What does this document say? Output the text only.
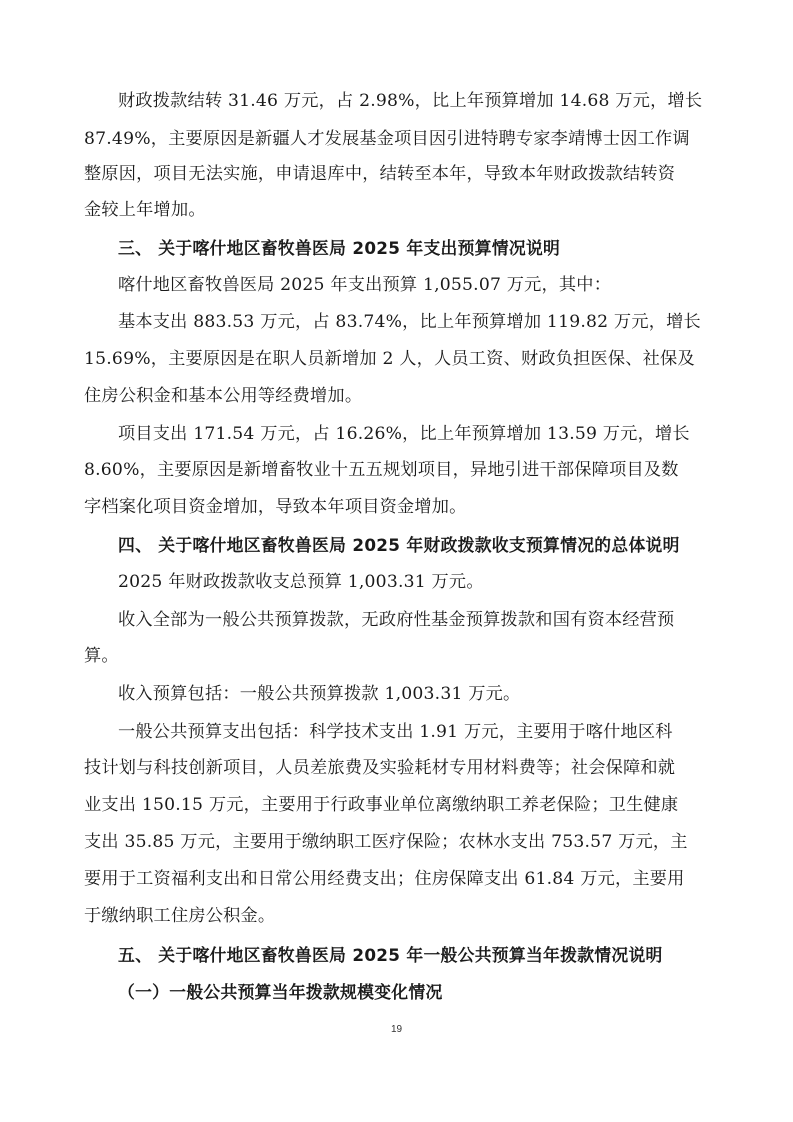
财政拨款结转 31.46 万元，占 2.98%，比上年预算增加 14.68 万元，增长
87.49%，主要原因是新疆人才发展基金项目因引进特聘专家李靖博士因工作调
整原因，项目无法实施，申请退库中，结转至本年，导致本年财政拨款结转资
金较上年增加。
三、 关于喀什地区畜牧兽医局 2025 年支出预算情况说明
喀什地区畜牧兽医局 2025 年支出预算 1,055.07 万元，其中：
基本支出 883.53 万元，占 83.74%，比上年预算增加 119.82 万元，增长
15.69%，主要原因是在职人员新增加 2 人，人员工资、财政负担医保、社保及
住房公积金和基本公用等经费增加。
项目支出 171.54 万元，占 16.26%，比上年预算增加 13.59 万元，增长
8.60%，主要原因是新增畜牧业十五五规划项目，异地引进干部保障项目及数
字档案化项目资金增加，导致本年项目资金增加。
四、 关于喀什地区畜牧兽医局 2025 年财政拨款收支预算情况的总体说明
2025 年财政拨款收支总预算 1,003.31 万元。
收入全部为一般公共预算拨款，无政府性基金预算拨款和国有资本经营预
算。
收入预算包括：一般公共预算拨款 1,003.31 万元。
一般公共预算支出包括：科学技术支出 1.91 万元，主要用于喀什地区科
技计划与科技创新项目，人员差旅费及实验耗材专用材料费等；社会保障和就
业支出 150.15 万元，主要用于行政事业单位离缴纳职工养老保险；卫生健康
支出 35.85 万元，主要用于缴纳职工医疗保险；农林水支出 753.57 万元，主
要用于工资福利支出和日常公用经费支出；住房保障支出 61.84 万元，主要用
于缴纳职工住房公积金。
五、 关于喀什地区畜牧兽医局 2025 年一般公共预算当年拨款情况说明
（一）一般公共预算当年拨款规模变化情况
19
